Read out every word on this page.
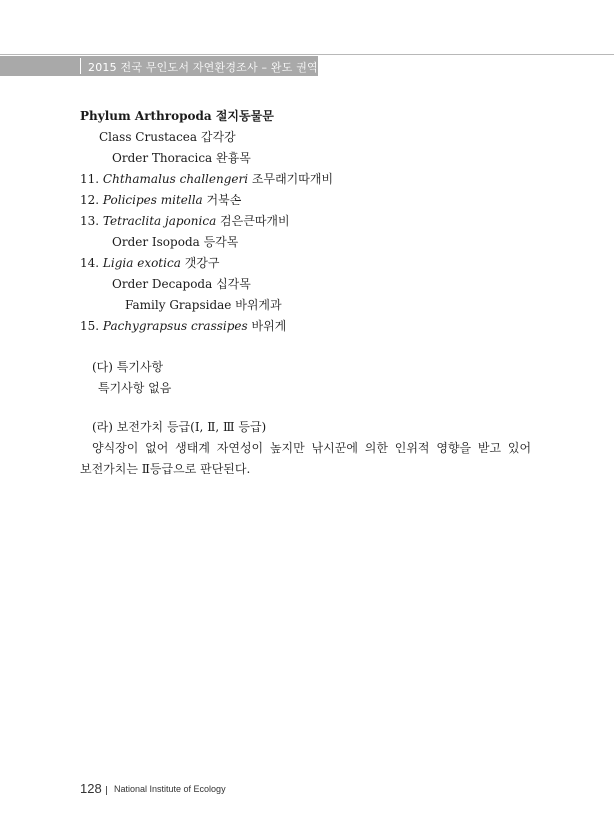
2015 전국 무인도서 자연환경조사 – 완도 권역
Phylum Arthropoda 절지동물문
Class Crustacea 갑각강
Order Thoracica 완흉목
11. Chthamalus challengeri 조무래기따개비
12. Policipes mitella 거북손
13. Tetraclita japonica 검은큰따개비
Order Isopoda 등각목
14. Ligia exotica 갯강구
Order Decapoda 십각목
Family Grapsidae 바위게과
15. Pachygrapsus crassipes 바위게
(다) 특기사항
특기사항 없음
(라) 보전가치 등급(Ⅰ, Ⅱ, Ⅲ 등급)
양식장이 없어 생태계 자연성이 높지만 낚시꾼에 의한 인위적 영향을 받고 있어
보전가치는 Ⅱ등급으로 판단된다.
128 National Institute of Ecology
